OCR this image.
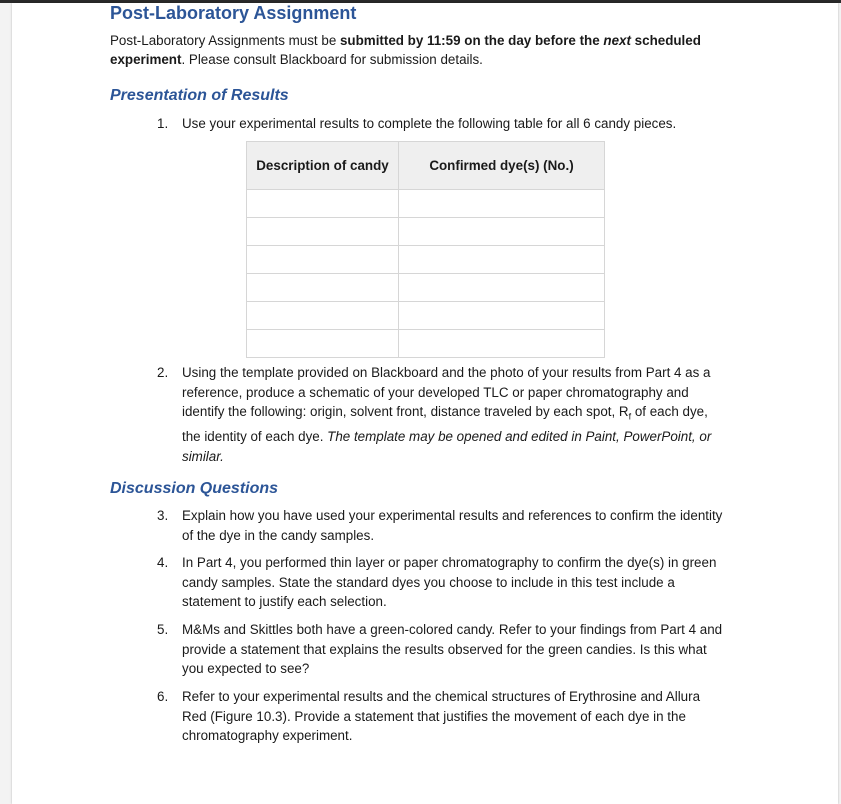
Post-Laboratory Assignment

Post-Laboratory Assignments must be submitted by 11:59 on the day before the next scheduled experiment. Please consult Blackboard for submission details.

Presentation of Results
1. Use your experimental results to complete the following table for all 6 candy pieces.
Description of candy	Confirmed dye(s) (No.)

2. Using the template provided on Blackboard and the photo of your results from Part 4 as a reference, produce a schematic of your developed TLC or paper chromatography and identify the following: origin, solvent front, distance traveled by each spot, $R_f$ of each dye, the identity of each dye. The template may be opened and edited in Paint, PowerPoint, or similar.
Discussion Questions
3. Explain how you have used your experimental results and references to confirm the identity of the dye in the candy samples.
4. In Part 4, you performed thin layer or paper chromatography to confirm the dye(s) in green candy samples. State the standard dyes you choose to include in this test include a statement to justify each selection.
5. M&Ms and Skittles both have a green-colored candy. Refer to your findings from Part 4 and provide a statement that explains the results observed for the green candies. Is this what you expected to see?
6. Refer to your experimental results and the chemical structures of Erythrosine and Allura Red (Figure 10.3). Provide a statement that justifies the movement of each dye in the chromatography experiment.
